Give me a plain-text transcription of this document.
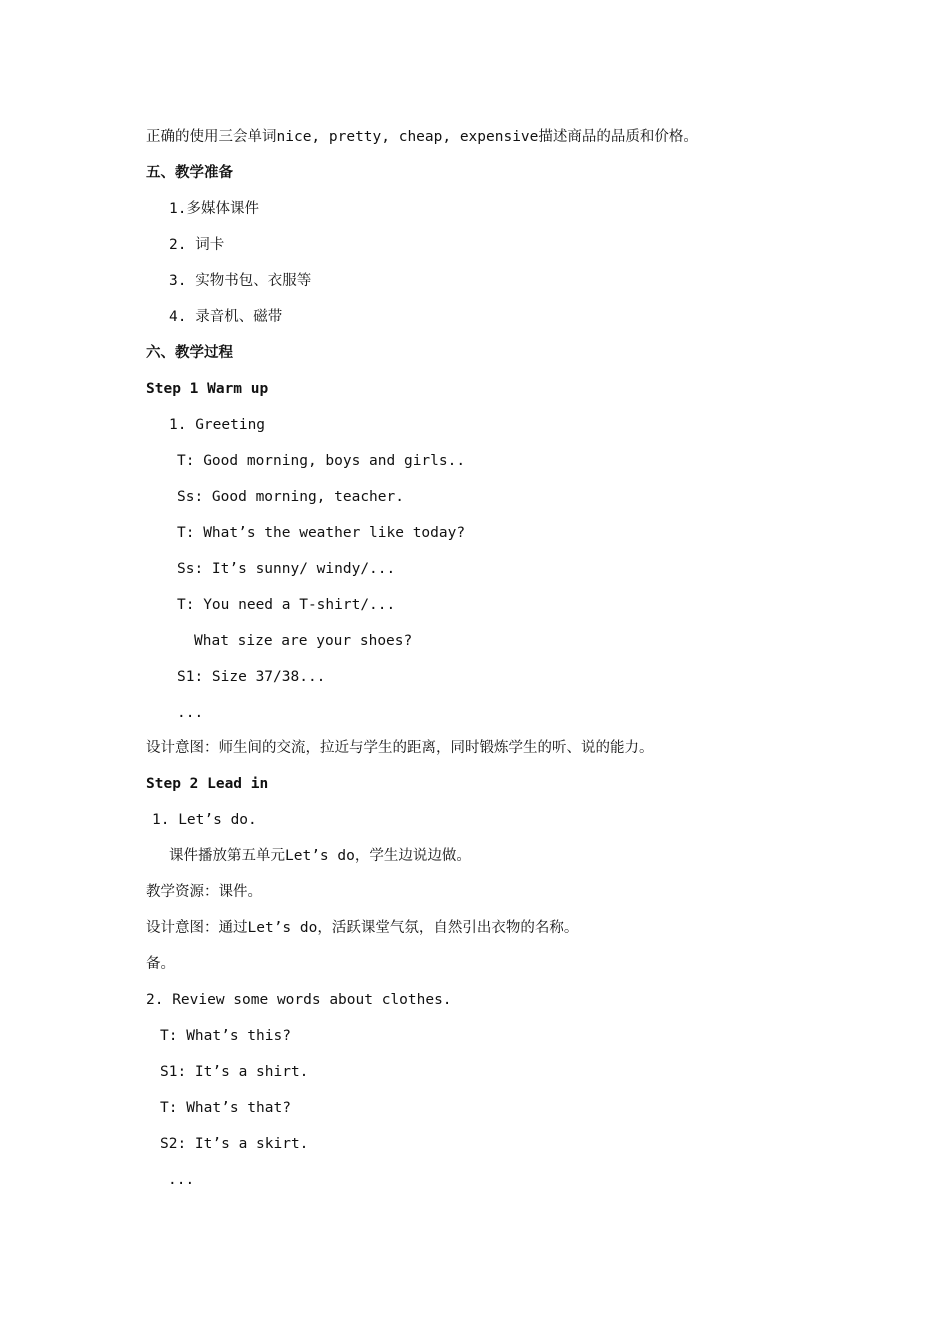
正确的使用三会单词nice, pretty, cheap, expensive描述商品的品质和价格。
五、教学准备
1.多媒体课件
2. 词卡
3. 实物书包、衣服等
4. 录音机、磁带
六、教学过程
Step 1 Warm up
1. Greeting
T: Good morning, boys and girls..
Ss: Good morning, teacher.
T: What’s the weather like today?
Ss: It’s sunny/ windy/...
T: You need a T-shirt/...
What size are your shoes?
S1: Size 37/38...
...
设计意图：师生间的交流，拉近与学生的距离，同时锻炼学生的听、说的能力。
Step 2 Lead in
1. Let’s do.
课件播放第五单元Let’s do，学生边说边做。
教学资源：课件。
设计意图：通过Let’s do，活跃课堂气氛，自然引出衣物的名称。
备。
2. Review some words about clothes.
T: What’s this?
S1: It’s a shirt.
T: What’s that?
S2: It’s a skirt.
...
